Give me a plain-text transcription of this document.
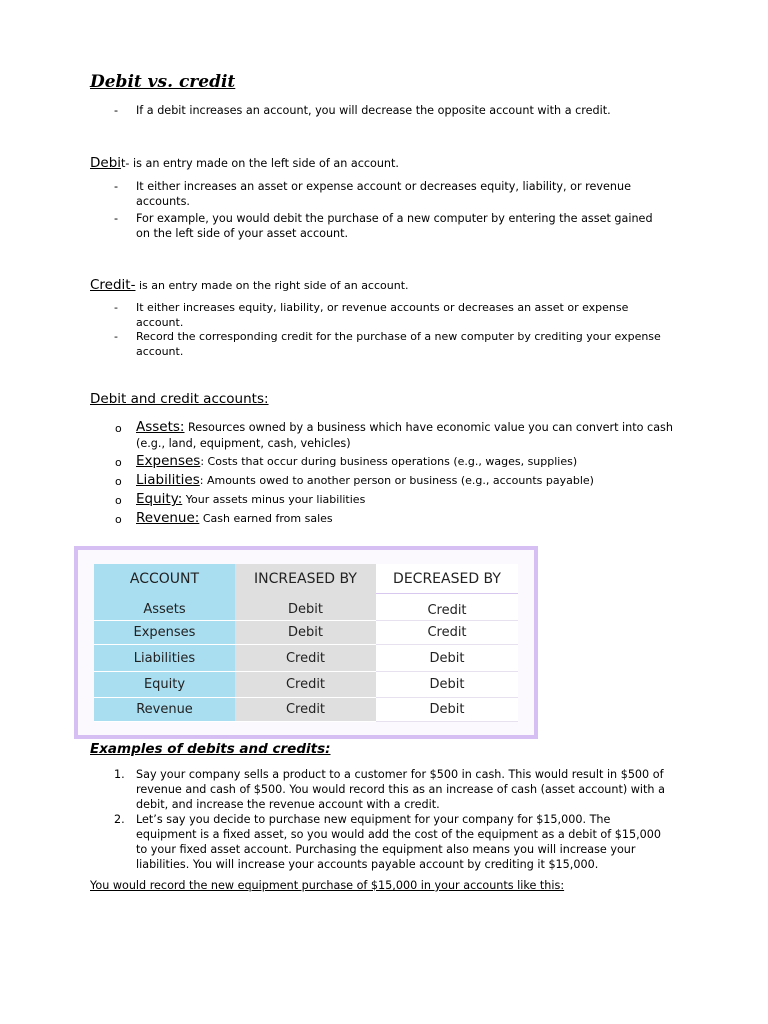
Debit vs. credit
- If a debit increases an account, you will decrease the opposite account with a credit.
Debit- is an entry made on the left side of an account.
- It either increases an asset or expense account or decreases equity, liability, or revenue accounts.
- For example, you would debit the purchase of a new computer by entering the asset gained on the left side of your asset account.
Credit- is an entry made on the right side of an account.
- It either increases equity, liability, or revenue accounts or decreases an asset or expense account.
- Record the corresponding credit for the purchase of a new computer by crediting your expense account.
Debit and credit accounts:
o Assets: Resources owned by a business which have economic value you can convert into cash (e.g., land, equipment, cash, vehicles)
o Expenses: Costs that occur during business operations (e.g., wages, supplies)
o Liabilities: Amounts owed to another person or business (e.g., accounts payable)
o Equity: Your assets minus your liabilities
o Revenue: Cash earned from sales
ACCOUNT	INCREASED BY	DECREASED BY
Assets	Debit	Credit
Expenses	Debit	Credit
Liabilities	Credit	Debit
Equity	Credit	Debit
Revenue	Credit	Debit
Examples of debits and credits:
1. Say your company sells a product to a customer for $500 in cash. This would result in $500 of revenue and cash of $500. You would record this as an increase of cash (asset account) with a debit, and increase the revenue account with a credit.
2. Let’s say you decide to purchase new equipment for your company for $15,000. The equipment is a fixed asset, so you would add the cost of the equipment as a debit of $15,000 to your fixed asset account. Purchasing the equipment also means you will increase your liabilities. You will increase your accounts payable account by crediting it $15,000.
You would record the new equipment purchase of $15,000 in your accounts like this:
